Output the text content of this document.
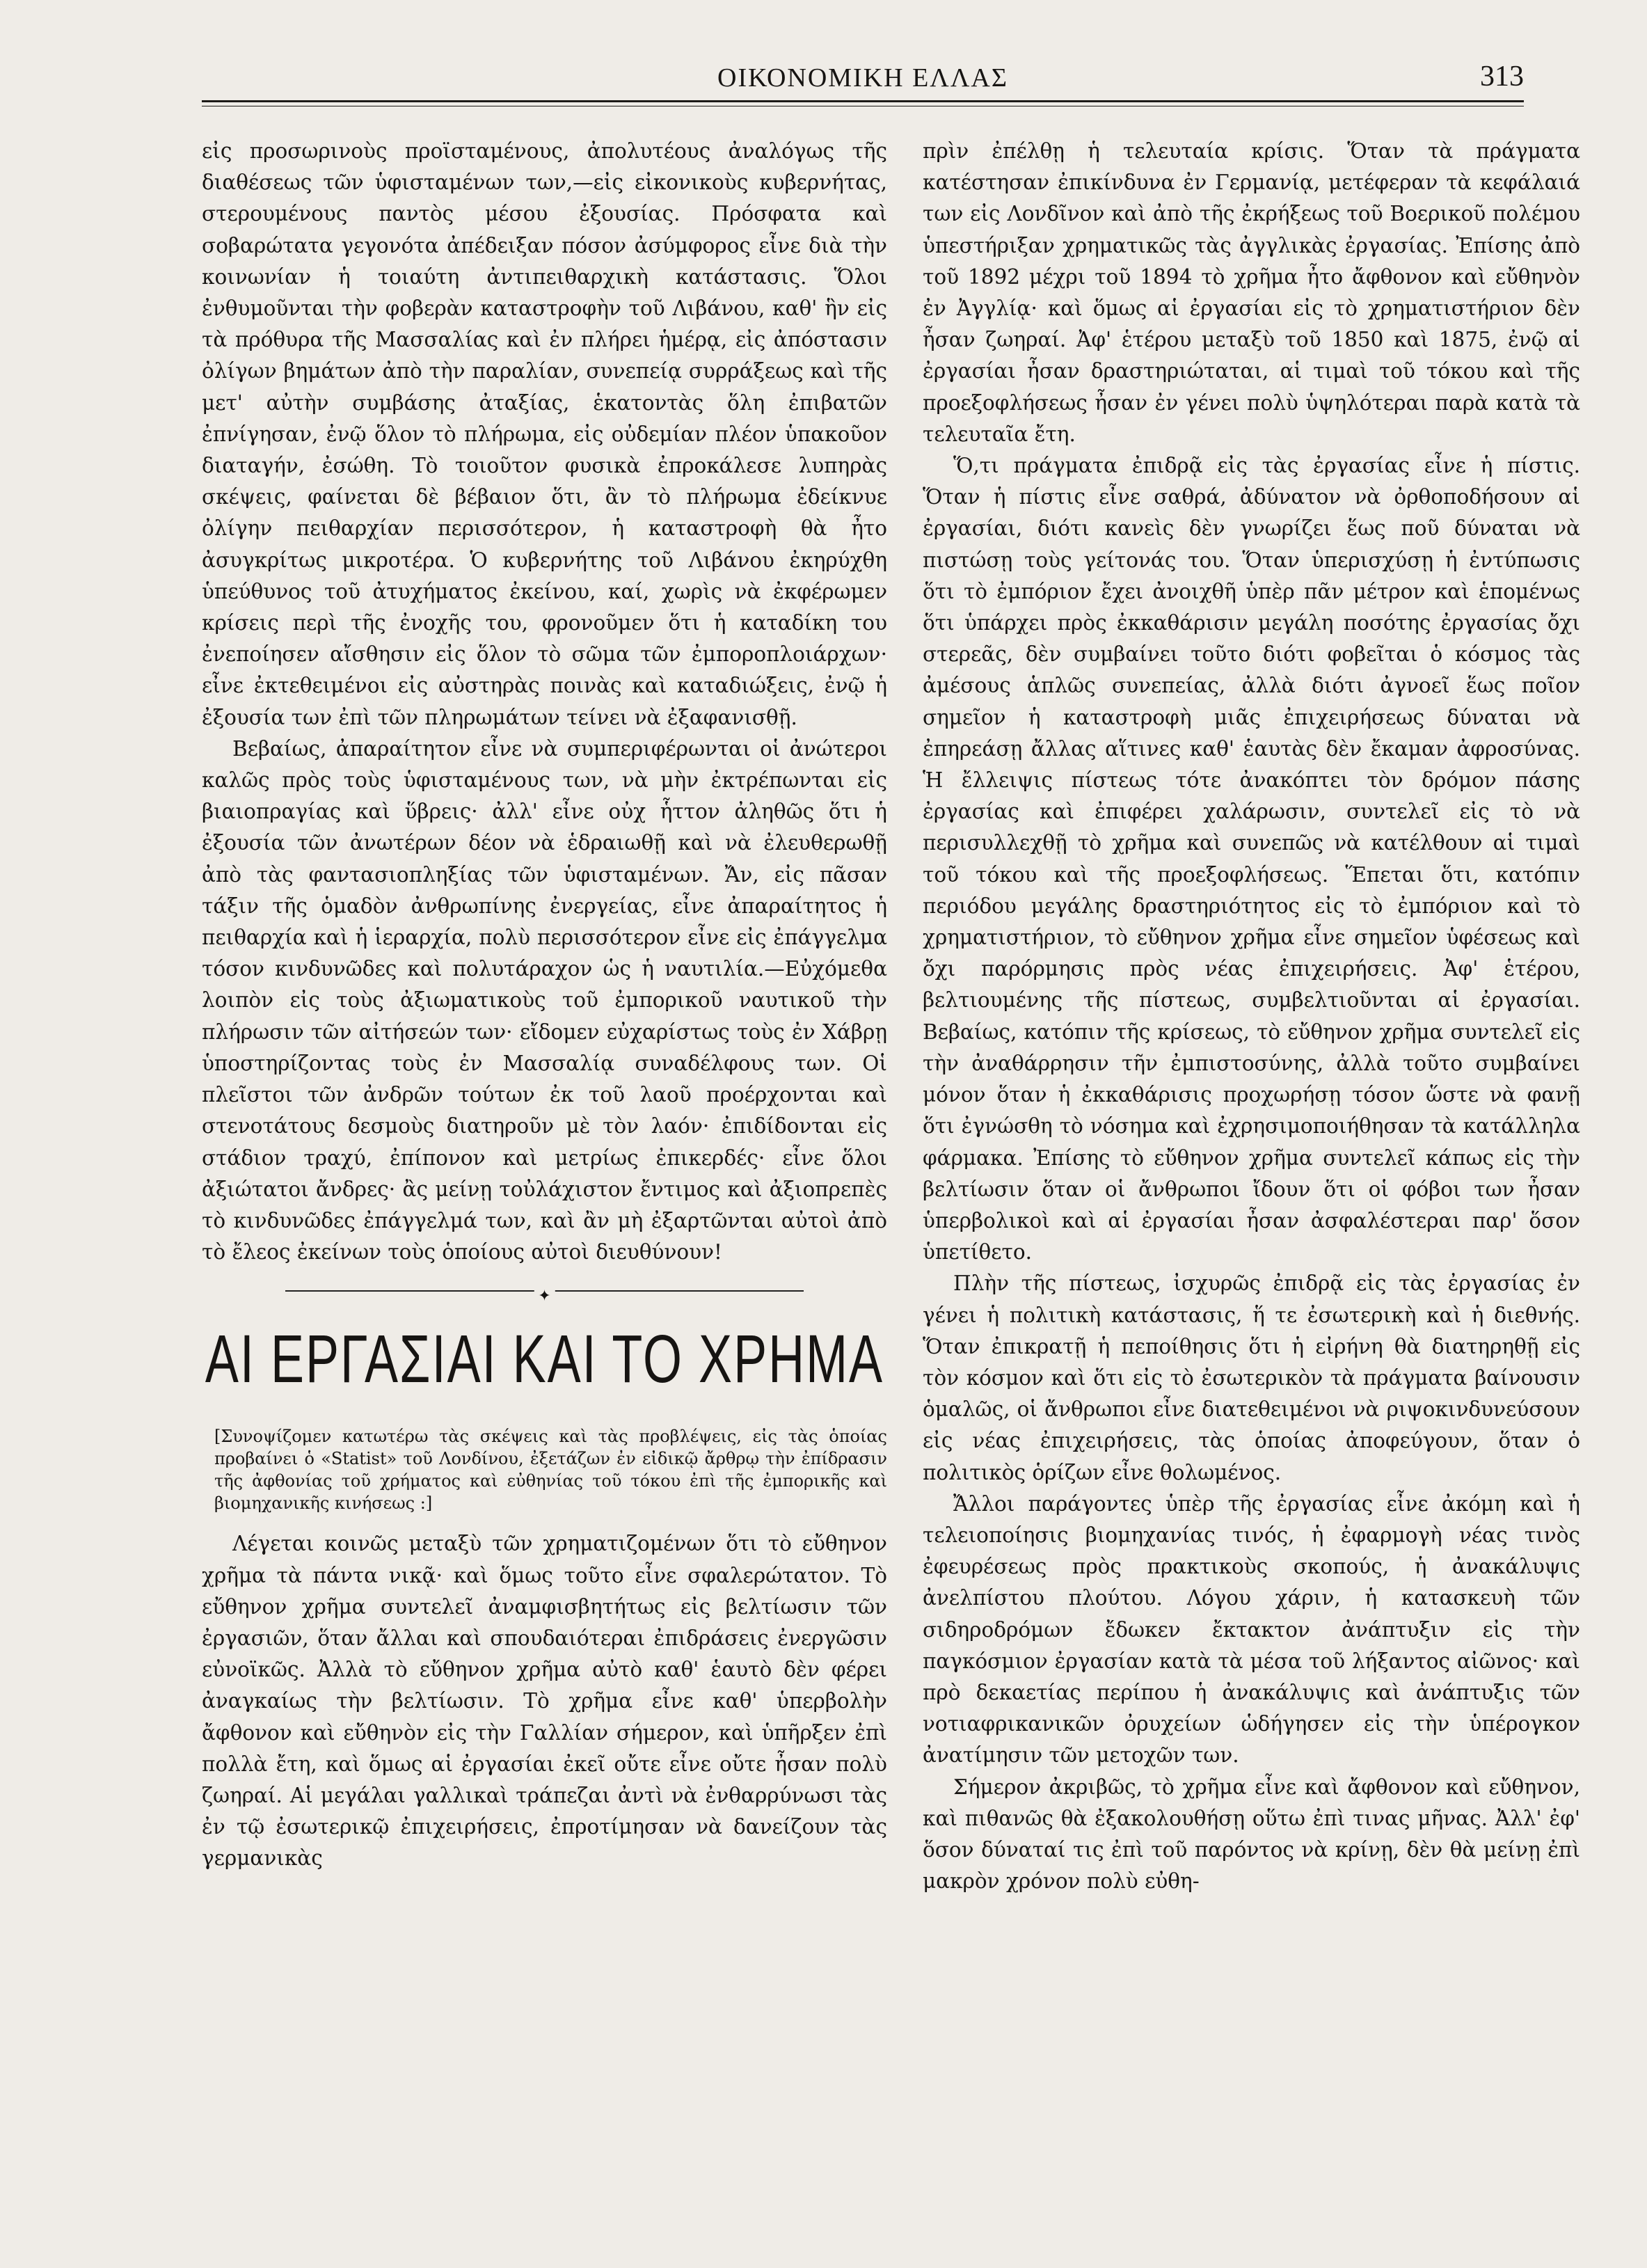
ΟΙΚΟΝΟΜΙΚΗ ΕΛΛΑΣ	313

εἰς προσωρινοὺς προϊσταμένους, ἀπολυτέους ἀναλόγως τῆς διαθέσεως τῶν ὑφισταμένων των,—εἰς εἰκονικοὺς κυβερνήτας, στερουμένους παντὸς μέσου ἐξουσίας. Πρόσφατα καὶ σοβαρώτατα γεγονότα ἀπέδειξαν πόσον ἀσύμφορος εἶνε διὰ τὴν κοινωνίαν ἡ τοιαύτη ἀντιπειθαρχικὴ κατάστασις. Ὅλοι ἐνθυμοῦνται τὴν φοβερὰν καταστροφὴν τοῦ Λιβάνου, καθ' ἣν εἰς τὰ πρόθυρα τῆς Μασσαλίας καὶ ἐν πλήρει ἡμέρᾳ, εἰς ἀπόστασιν ὀλίγων βημάτων ἀπὸ τὴν παραλίαν, συνεπείᾳ συρράξεως καὶ τῆς μετ' αὐτὴν συμβάσης ἀταξίας, ἑκατοντὰς ὅλη ἐπιβατῶν ἐπνίγησαν, ἐνῷ ὅλον τὸ πλήρωμα, εἰς οὐδεμίαν πλέον ὑπακοῦον διαταγήν, ἐσώθη. Τὸ τοιοῦτον φυσικὰ ἐπροκάλεσε λυπηρὰς σκέψεις, φαίνεται δὲ βέβαιον ὅτι, ἂν τὸ πλήρωμα ἐδείκνυε ὀλίγην πειθαρχίαν περισσότερον, ἡ καταστροφὴ θὰ ἦτο ἀσυγκρίτως μικροτέρα. Ὁ κυβερνήτης τοῦ Λιβάνου ἐκηρύχθη ὑπεύθυνος τοῦ ἀτυχήματος ἐκείνου, καί, χωρὶς νὰ ἐκφέρωμεν κρίσεις περὶ τῆς ἐνοχῆς του, φρονοῦμεν ὅτι ἡ καταδίκη του ἐνεποίησεν αἴσθησιν εἰς ὅλον τὸ σῶμα τῶν ἐμποροπλοιάρχων· εἶνε ἐκτεθειμένοι εἰς αὐστηρὰς ποινὰς καὶ καταδιώξεις, ἐνῷ ἡ ἐξουσία των ἐπὶ τῶν πληρωμάτων τείνει νὰ ἐξαφανισθῇ.

Βεβαίως, ἀπαραίτητον εἶνε νὰ συμπεριφέρωνται οἱ ἀνώτεροι καλῶς πρὸς τοὺς ὑφισταμένους των, νὰ μὴν ἐκτρέπωνται εἰς βιαιοπραγίας καὶ ὕβρεις· ἀλλ' εἶνε οὐχ ἧττον ἀληθῶς ὅτι ἡ ἐξουσία τῶν ἀνωτέρων δέον νὰ ἑδραιωθῇ καὶ νὰ ἐλευθερωθῇ ἀπὸ τὰς φαντασιοπληξίας τῶν ὑφισταμένων. Ἄν, εἰς πᾶσαν τάξιν τῆς ὁμαδὸν ἀνθρωπίνης ἐνεργείας, εἶνε ἀπαραίτητος ἡ πειθαρχία καὶ ἡ ἱεραρχία, πολὺ περισσότερον εἶνε εἰς ἐπάγγελμα τόσον κινδυνῶδες καὶ πολυτάραχον ὡς ἡ ναυτιλία.—Εὐχόμεθα λοιπὸν εἰς τοὺς ἀξιωματικοὺς τοῦ ἐμπορικοῦ ναυτικοῦ τὴν πλήρωσιν τῶν αἰτήσεών των· εἴδομεν εὐχαρίστως τοὺς ἐν Χάβρῃ ὑποστηρίζοντας τοὺς ἐν Μασσαλίᾳ συναδέλφους των. Οἱ πλεῖστοι τῶν ἀνδρῶν τούτων ἐκ τοῦ λαοῦ προέρχονται καὶ στενοτάτους δεσμοὺς διατηροῦν μὲ τὸν λαόν· ἐπιδίδονται εἰς στάδιον τραχύ, ἐπίπονον καὶ μετρίως ἐπικερδές· εἶνε ὅλοι ἀξιώτατοι ἄνδρες· ἂς μείνῃ τοὐλάχιστον ἔντιμος καὶ ἀξιοπρεπὲς τὸ κινδυνῶδες ἐπάγγελμά των, καὶ ἂν μὴ ἐξαρτῶνται αὐτοὶ ἀπὸ τὸ ἔλεος ἐκείνων τοὺς ὁποίους αὐτοὶ διευθύνουν!

✦
ΑΙ ΕΡΓΑΣΙΑΙ ΚΑΙ ΤΟ ΧΡΗΜΑ

[Συνοψίζομεν κατωτέρω τὰς σκέψεις καὶ τὰς προβλέψεις, εἰς τὰς ὁποίας προβαίνει ὁ «Statist» τοῦ Λονδίνου, ἐξετάζων ἐν εἰδικῷ ἄρθρῳ τὴν ἐπίδρασιν τῆς ἀφθονίας τοῦ χρήματος καὶ εὐθηνίας τοῦ τόκου ἐπὶ τῆς ἐμπορικῆς καὶ βιομηχανικῆς κινήσεως :]

Λέγεται κοινῶς μεταξὺ τῶν χρηματιζομένων ὅτι τὸ εὔθηνον χρῆμα τὰ πάντα νικᾷ· καὶ ὅμως τοῦτο εἶνε σφαλερώτατον. Τὸ εὔθηνον χρῆμα συντελεῖ ἀναμφισβητήτως εἰς βελτίωσιν τῶν ἐργασιῶν, ὅταν ἄλλαι καὶ σπουδαιότεραι ἐπιδράσεις ἐνεργῶσιν εὐνοϊκῶς. Ἀλλὰ τὸ εὔθηνον χρῆμα αὐτὸ καθ' ἑαυτὸ δὲν φέρει ἀναγκαίως τὴν βελτίωσιν. Τὸ χρῆμα εἶνε καθ' ὑπερβολὴν ἄφθονον καὶ εὔθηνὸν εἰς τὴν Γαλλίαν σήμερον, καὶ ὑπῆρξεν ἐπὶ πολλὰ ἔτη, καὶ ὅμως αἱ ἐργασίαι ἐκεῖ οὔτε εἶνε οὔτε ἦσαν πολὺ ζωηραί. Αἱ μεγάλαι γαλλικαὶ τράπεζαι ἀντὶ νὰ ἐνθαρρύνωσι τὰς ἐν τῷ ἐσωτερικῷ ἐπιχειρήσεις, ἐπροτίμησαν νὰ δανείζουν τὰς γερμανικὰς

πρὶν ἐπέλθῃ ἡ τελευταία κρίσις. Ὅταν τὰ πράγματα κατέστησαν ἐπικίνδυνα ἐν Γερμανίᾳ, μετέφεραν τὰ κεφάλαιά των εἰς Λονδῖνον καὶ ἀπὸ τῆς ἐκρήξεως τοῦ Βοερικοῦ πολέμου ὑπεστήριξαν χρηματικῶς τὰς ἀγγλικὰς ἐργασίας. Ἐπίσης ἀπὸ τοῦ 1892 μέχρι τοῦ 1894 τὸ χρῆμα ἦτο ἄφθονον καὶ εὔθηνὸν ἐν Ἀγγλίᾳ· καὶ ὅμως αἱ ἐργασίαι εἰς τὸ χρηματιστήριον δὲν ἦσαν ζωηραί. Ἀφ' ἑτέρου μεταξὺ τοῦ 1850 καὶ 1875, ἐνῷ αἱ ἐργασίαι ἦσαν δραστηριώταται, αἱ τιμαὶ τοῦ τόκου καὶ τῆς προεξοφλήσεως ἦσαν ἐν γένει πολὺ ὑψηλότεραι παρὰ κατὰ τὰ τελευταῖα ἔτη.

Ὅ,τι πράγματα ἐπιδρᾷ εἰς τὰς ἐργασίας εἶνε ἡ πίστις. Ὅταν ἡ πίστις εἶνε σαθρά, ἀδύνατον νὰ ὀρθοποδήσουν αἱ ἐργασίαι, διότι κανεὶς δὲν γνωρίζει ἕως ποῦ δύναται νὰ πιστώσῃ τοὺς γείτονάς του. Ὅταν ὑπερισχύσῃ ἡ ἐντύπωσις ὅτι τὸ ἐμπόριον ἔχει ἀνοιχθῆ ὑπὲρ πᾶν μέτρον καὶ ἑπομένως ὅτι ὑπάρχει πρὸς ἐκκαθάρισιν μεγάλη ποσότης ἐργασίας ὄχι στερεᾶς, δὲν συμβαίνει τοῦτο διότι φοβεῖται ὁ κόσμος τὰς ἀμέσους ἁπλῶς συνεπείας, ἀλλὰ διότι ἀγνοεῖ ἕως ποῖον σημεῖον ἡ καταστροφὴ μιᾶς ἐπιχειρήσεως δύναται νὰ ἐπηρεάσῃ ἄλλας αἵτινες καθ' ἑαυτὰς δὲν ἔκαμαν ἀφροσύνας. Ἡ ἔλλειψις πίστεως τότε ἀνακόπτει τὸν δρόμον πάσης ἐργασίας καὶ ἐπιφέρει χαλάρωσιν, συντελεῖ εἰς τὸ νὰ περισυλλεχθῇ τὸ χρῆμα καὶ συνεπῶς νὰ κατέλθουν αἱ τιμαὶ τοῦ τόκου καὶ τῆς προεξοφλήσεως. Ἕπεται ὅτι, κατόπιν περιόδου μεγάλης δραστηριότητος εἰς τὸ ἐμπόριον καὶ τὸ χρηματιστήριον, τὸ εὔθηνον χρῆμα εἶνε σημεῖον ὑφέσεως καὶ ὄχι παρόρμησις πρὸς νέας ἐπιχειρήσεις. Ἀφ' ἑτέρου, βελτιουμένης τῆς πίστεως, συμβελτιοῦνται αἱ ἐργασίαι. Βεβαίως, κατόπιν τῆς κρίσεως, τὸ εὔθηνον χρῆμα συντελεῖ εἰς τὴν ἀναθάρρησιν τῆν ἐμπιστοσύνης, ἀλλὰ τοῦτο συμβαίνει μόνον ὅταν ἡ ἐκκαθάρισις προχωρήσῃ τόσον ὥστε νὰ φανῇ ὅτι ἐγνώσθη τὸ νόσημα καὶ ἐχρησιμοποιήθησαν τὰ κατάλληλα φάρμακα. Ἐπίσης τὸ εὔθηνον χρῆμα συντελεῖ κάπως εἰς τὴν βελτίωσιν ὅταν οἱ ἄνθρωποι ἴδουν ὅτι οἱ φόβοι των ἦσαν ὑπερβολικοὶ καὶ αἱ ἐργασίαι ἦσαν ἀσφαλέστεραι παρ' ὅσον ὑπετίθετο.

Πλὴν τῆς πίστεως, ἰσχυρῶς ἐπιδρᾷ εἰς τὰς ἐργασίας ἐν γένει ἡ πολιτικὴ κατάστασις, ἥ τε ἐσωτερικὴ καὶ ἡ διεθνής. Ὅταν ἐπικρατῇ ἡ πεποίθησις ὅτι ἡ εἰρήνη θὰ διατηρηθῇ εἰς τὸν κόσμον καὶ ὅτι εἰς τὸ ἐσωτερικὸν τὰ πράγματα βαίνουσιν ὁμαλῶς, οἱ ἄνθρωποι εἶνε διατεθειμένοι νὰ ριψοκινδυνεύσουν εἰς νέας ἐπιχειρήσεις, τὰς ὁποίας ἀποφεύγουν, ὅταν ὁ πολιτικὸς ὁρίζων εἶνε θολωμένος.

Ἄλλοι παράγοντες ὑπὲρ τῆς ἐργασίας εἶνε ἀκόμη καὶ ἡ τελειοποίησις βιομηχανίας τινός, ἡ ἐφαρμογὴ νέας τινὸς ἐφευρέσεως πρὸς πρακτικοὺς σκοπούς, ἡ ἀνακάλυψις ἀνελπίστου πλούτου. Λόγου χάριν, ἡ κατασκευὴ τῶν σιδηροδρόμων ἔδωκεν ἔκτακτον ἀνάπτυξιν εἰς τὴν παγκόσμιον ἐργασίαν κατὰ τὰ μέσα τοῦ λήξαντος αἰῶνος· καὶ πρὸ δεκαετίας περίπου ἡ ἀνακάλυψις καὶ ἀνάπτυξις τῶν νοτιαφρικανικῶν ὀρυχείων ὡδήγησεν εἰς τὴν ὑπέρογκον ἀνατίμησιν τῶν μετοχῶν των.

Σήμερον ἀκριβῶς, τὸ χρῆμα εἶνε καὶ ἄφθονον καὶ εὔθηνον, καὶ πιθανῶς θὰ ἐξακολουθήσῃ οὕτω ἐπὶ τινας μῆνας. Ἀλλ' ἐφ' ὅσον δύναταί τις ἐπὶ τοῦ παρόντος νὰ κρίνῃ, δὲν θὰ μείνῃ ἐπὶ μακρὸν χρόνον πολὺ εὐθη-
